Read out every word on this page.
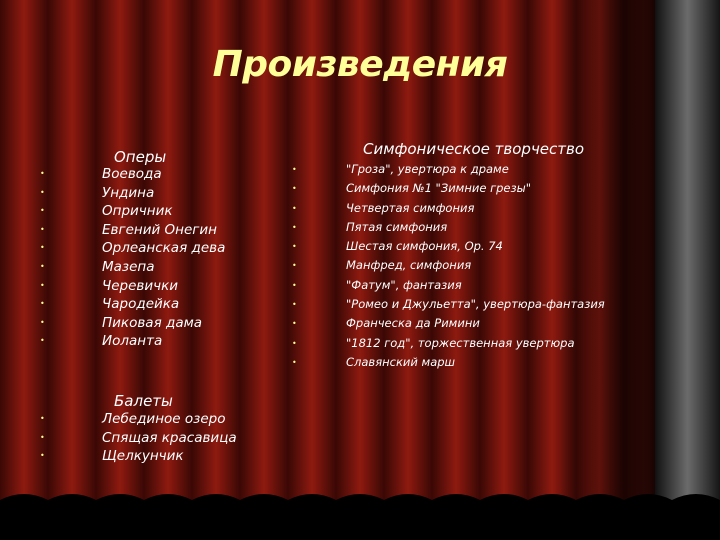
Произведения
Оперы
•	Воевода
•	Ундина
•	Опричник
•	Евгений Онегин
•	Орлеанская дева
•	Мазепа
•	Черевички
•	Чародейка
•	Пиковая дама
•	Иоланта
Балеты
•	Лебединое озеро
•	Спящая красавица
•	Щелкунчик
Симфоническое творчество
•	"Гроза", увертюра к драме
•	Симфония №1 "Зимние грезы"
•	Четвертая симфония
•	Пятая симфония
•	Шестая симфония, Op. 74
•	Манфред, симфония
•	"Фатум", фантазия
•	"Ромео и Джульетта", увертюра-фантазия
•	Франческа да Римини
•	"1812 год", торжественная увертюра
•	Славянский марш
